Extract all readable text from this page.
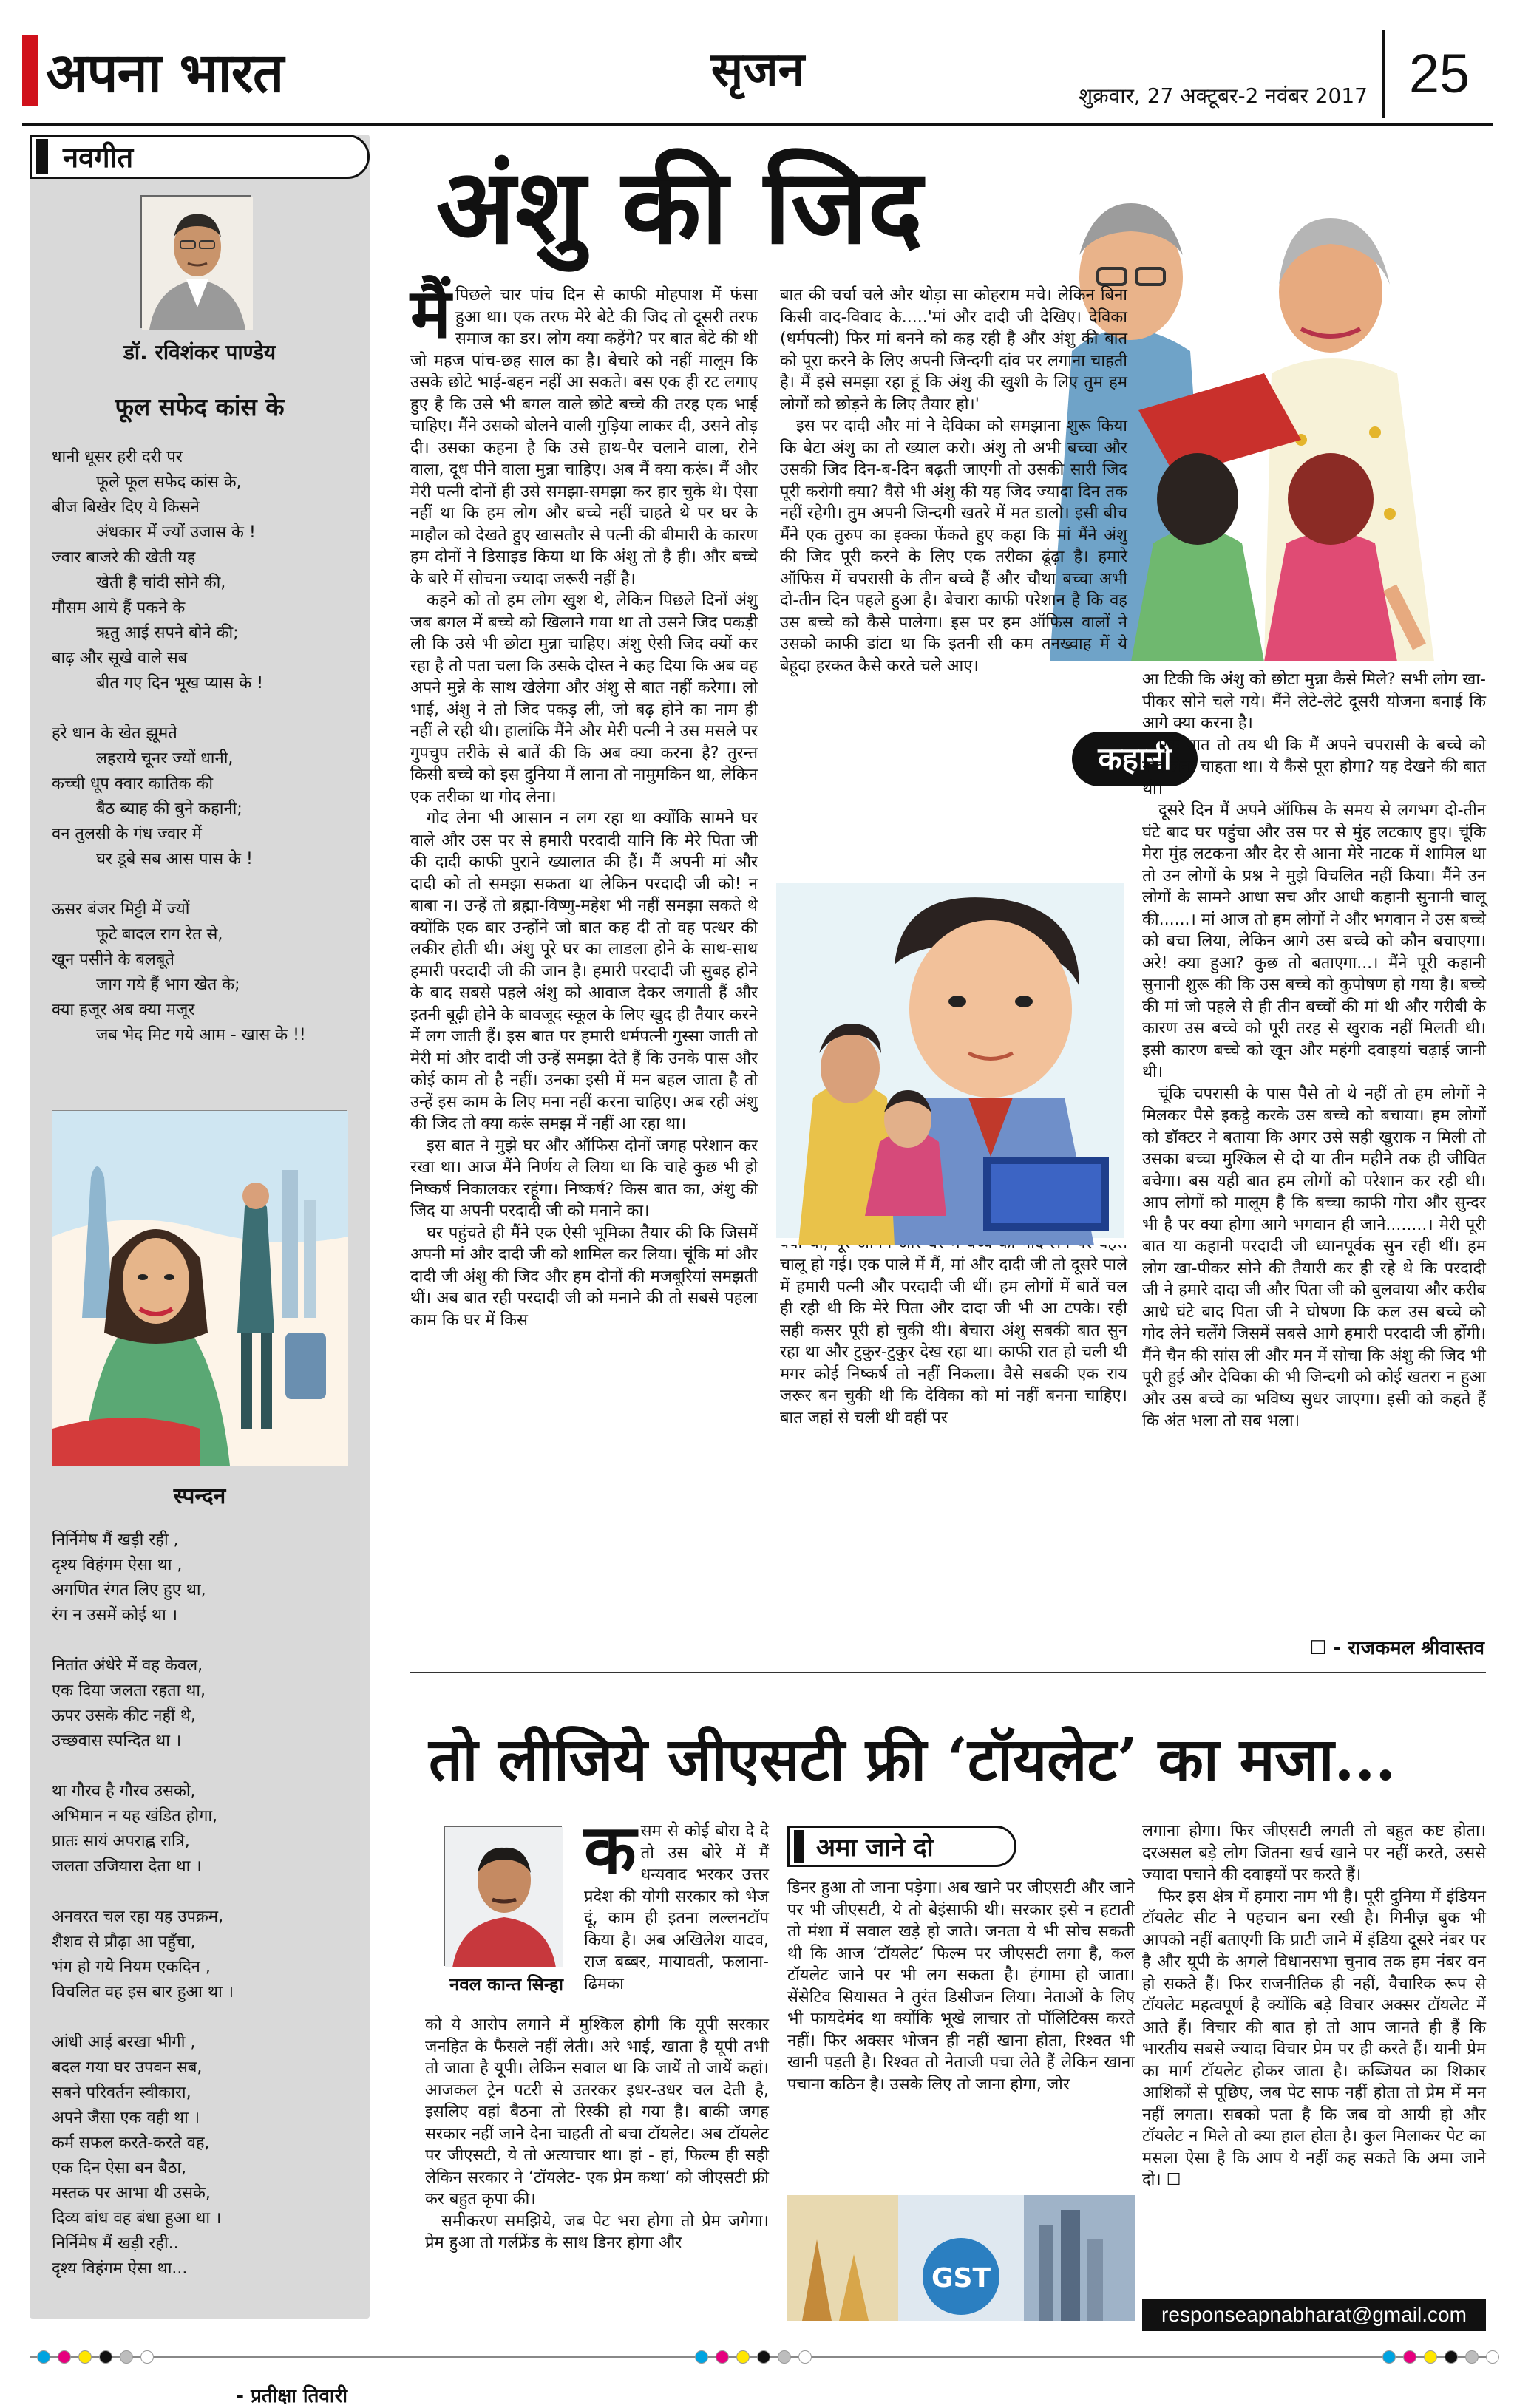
अपना भारत	सृजन	शुक्रवार, 27 अक्टूबर-2 नवंबर 2017 25
नवगीत
डॉ. रविशंकर पाण्डेय
फूल सफेद कांस के
धानी धूसर हरी दरी पर
फूले फूल सफेद कांस के,
बीज बिखेर दिए ये किसने
अंधकार में ज्यों उजास के !
ज्वार बाजरे की खेती यह
खेती है चांदी सोने की,
मौसम आये हैं पकने के
ऋतु आई सपने बोने की;
बाढ़ और सूखे वाले सब
बीत गए दिन भूख प्यास के !
हरे धान के खेत झूमते
लहराये चूनर ज्यों धानी,
कच्ची धूप क्वार कातिक की
बैठ ब्याह की बुने कहानी;
वन तुलसी के गंध ज्वार में
घर डूबे सब आस पास के !
ऊसर बंजर मिट्टी में ज्यों
फूटे बादल राग रेत से,
खून पसीने के बलबूते
जाग गये हैं भाग खेत के;
क्या हजूर अब क्या मजूर
जब भेद मिट गये आम - खास के !!
स्पन्दन
निर्निमेष मैं खड़ी रही ,
दृश्य विहंगम ऐसा था ,
अगणित रंगत लिए हुए था,
रंग न उसमें कोई था ।
नितांत अंधेरे में वह केवल,
एक दिया जलता रहता था,
ऊपर उसके कीट नहीं थे,
उच्छवास स्पन्दित था ।
था गौरव है गौरव उसको,
अभिमान न यह खंडित होगा,
प्रातः सायं अपराह्न रात्रि,
जलता उजियारा देता था ।
अनवरत चल रहा यह उपक्रम,
शैशव से प्रौढ़ा आ पहुँचा,
भंग हो गये नियम एकदिन ,
विचलित वह इस बार हुआ था ।
आंधी आई बरखा भीगी ,
बदल गया घर उपवन सब,
सबने परिवर्तन स्वीकारा,
अपने जैसा एक वही था ।
कर्म सफल करते-करते वह,
एक दिन ऐसा बन बैठा,
मस्तक पर आभा थी उसके,
दिव्य बांध वह बंधा हुआ था ।
निर्निमेष मैं खड़ी रही..
दृश्य विहंगम ऐसा था...
- प्रतीक्षा तिवारी
अंशु की जिद

मैंपिछले चार पांच दिन से काफी मोहपाश में फंसा हुआ था। एक तरफ मेरे बेटे की जिद तो दूसरी तरफ समाज का डर। लोग क्या कहेंगे? पर बात बेटे की थी जो महज पांच-छह साल का है। बेचारे को नहीं मालूम कि उसके छोटे भाई-बहन नहीं आ सकते। बस एक ही रट लगाए हुए है कि उसे भी बगल वाले छोटे बच्चे की तरह एक भाई चाहिए। मैंने उसको बोलने वाली गुड़िया लाकर दी, उसने तोड़ दी। उसका कहना है कि उसे हाथ-पैर चलाने वाला, रोने वाला, दूध पीने वाला मुन्ना चाहिए। अब मैं क्या करूं। मैं और मेरी पत्नी दोनों ही उसे समझा-समझा कर हार चुके थे। ऐसा नहीं था कि हम लोग और बच्चे नहीं चाहते थे पर घर के माहौल को देखते हुए खासतौर से पत्नी की बीमारी के कारण हम दोनों ने डिसाइड किया था कि अंशु तो है ही। और बच्चे के बारे में सोचना ज्यादा जरूरी नहीं है।

कहने को तो हम लोग खुश थे, लेकिन पिछले दिनों अंशु जब बगल में बच्चे को खिलाने गया था तो उसने जिद पकड़ी ली कि उसे भी छोटा मुन्ना चाहिए। अंशु ऐसी जिद क्यों कर रहा है तो पता चला कि उसके दोस्त ने कह दिया कि अब वह अपने मुन्ने के साथ खेलेगा और अंशु से बात नहीं करेगा। लो भाई, अंशु ने तो जिद पकड़ ली, जो बढ़ होने का नाम ही नहीं ले रही थी। हालांकि मैंने और मेरी पत्नी ने उस मसले पर गुपचुप तरीके से बातें की कि अब क्या करना है? तुरन्त किसी बच्चे को इस दुनिया में लाना तो नामुमकिन था, लेकिन एक तरीका था गोद लेना।

गोद लेना भी आसान न लग रहा था क्योंकि सामने घर वाले और उस पर से हमारी परदादी यानि कि मेरे पिता जी की दादी काफी पुराने ख्यालात की हैं। मैं अपनी मां और दादी को तो समझा सकता था लेकिन परदादी जी को! न बाबा न। उन्हें तो ब्रह्मा-विष्णु-महेश भी नहीं समझा सकते थे क्योंकि एक बार उन्होंने जो बात कह दी तो वह पत्थर की लकीर होती थी। अंशु पूरे घर का लाडला होने के साथ-साथ हमारी परदादी जी की जान है। हमारी परदादी जी सुबह होने के बाद सबसे पहले अंशु को आवाज देकर जगाती हैं और इतनी बूढ़ी होने के बावजूद स्कूल के लिए खुद ही तैयार करने में लग जाती हैं। इस बात पर हमारी धर्मपत्नी गुस्सा जाती तो मेरी मां और दादी जी उन्हें समझा देते हैं कि उनके पास और कोई काम तो है नहीं। उनका इसी में मन बहल जाता है तो उन्हें इस काम के लिए मना नहीं करना चाहिए। अब रही अंशु की जिद तो क्या करूं समझ में नहीं आ रहा था।

इस बात ने मुझे घर और ऑफिस दोनों जगह परेशान कर रखा था। आज मैंने निर्णय ले लिया था कि चाहे कुछ भी हो निष्कर्ष निकालकर रहूंगा। निष्कर्ष? किस बात का, अंशु की जिद या अपनी परदादी जी को मनाने का।

घर पहुंचते ही मैंने एक ऐसी भूमिका तैयार की कि जिसमें अपनी मां और दादी जी को शामिल कर लिया। चूंकि मां और दादी जी अंशु की जिद और हम दोनों की मजबूरियां समझती थीं। अब बात रही परदादी जी को मनाने की तो सबसे पहला काम कि घर में किस

बात की चर्चा चले और थोड़ा सा कोहराम मचे। लेकिन बिना किसी वाद-विवाद के.....'मां और दादी जी देखिए। देविका (धर्मपत्नी) फिर मां बनने को कह रही है और अंशु की बात को पूरा करने के लिए अपनी जिन्दगी दांव पर लगाना चाहती है। मैं इसे समझा रहा हूं कि अंशु की खुशी के लिए तुम हम लोगों को छोड़ने के लिए तैयार हो।'

इस पर दादी और मां ने देविका को समझाना शुरू किया कि बेटा अंशु का तो ख्याल करो। अंशु तो अभी बच्चा और उसकी जिद दिन-ब-दिन बढ़ती जाएगी तो उसकी सारी जिद पूरी करोगी क्या? वैसे भी अंशु की यह जिद ज्यादा दिन तक नहीं रहेगी। तुम अपनी जिन्दगी खतरे में मत डालो। इसी बीच मैंने एक तुरुप का इक्का फेंकते हुए कहा कि मां मैंने अंशु की जिद पूरी करने के लिए एक तरीका ढूंढ़ा है। हमारे ऑफिस में चपरासी के तीन बच्चे हैं और चौथा बच्चा अभी दो-तीन दिन पहले हुआ है। बेचारा काफी परेशान है कि वह उस बच्चे को कैसे पालेगा। इस पर हम ऑफिस वालों ने उसको काफी डांटा था कि इतनी सी कम तनख्वाह में ये बेहूदा हरकत कैसे करते चले आए।

चालू हो गई। एक पाले में मैं, मां और दादी जी तो दूसरे पाले में हमारी पत्नी और परदादी जी थीं। हम लोगों में बातें चल ही रही थी कि मेरे पिता और दादा जी भी आ टपके। रही सही कसर पूरी हो चुकी थी। बेचारा अंशु सबकी बात सुन रहा था और टुकुर-टुकुर देख रहा था। काफी रात हो चली थी मगर कोई निष्कर्ष तो नहीं निकला। वैसे सबकी एक राय जरूर बन चुकी थी कि देविका को मां नहीं बनना चाहिए। बात जहां से चली थी वहीं पर

कहानी

आ टिकी कि अंशु को छोटा मुन्ना कैसे मिले? सभी लोग खा-पीकर सोने चले गये। मैंने लेटे-लेटे दूसरी योजना बनाई कि आगे क्या करना है।

एक बात तो तय थी कि मैं अपने चपरासी के बच्चे को गोद लेना चाहता था। ये कैसे पूरा होगा? यह देखने की बात थी।

दूसरे दिन मैं अपने ऑफिस के समय से लगभग दो-तीन घंटे बाद घर पहुंचा और उस पर से मुंह लटकाए हुए। चूंकि मेरा मुंह लटकना और देर से आना मेरे नाटक में शामिल था तो उन लोगों के प्रश्न ने मुझे विचलित नहीं किया। मैंने उन लोगों के सामने आधा सच और आधी कहानी सुनानी चालू की......। मां आज तो हम लोगों ने और भगवान ने उस बच्चे को बचा लिया, लेकिन आगे उस बच्चे को कौन बचाएगा। अरे! क्या हुआ? कुछ तो बताएगा...। मैंने पूरी कहानी सुनानी शुरू की कि उस बच्चे को कुपोषण हो गया है। बच्चे की मां जो पहले से ही तीन बच्चों की मां थी और गरीबी के कारण उस बच्चे को पूरी तरह से खुराक नहीं मिलती थी। इसी कारण बच्चे को खून और महंगी दवाइयां चढ़ाई जानी थी।

चूंकि चपरासी के पास पैसे तो थे नहीं तो हम लोगों ने मिलकर पैसे इकट्ठे करके उस बच्चे को बचाया। हम लोगों को डॉक्टर ने बताया कि अगर उसे सही खुराक न मिली तो उसका बच्चा मुश्किल से दो या तीन महीने तक ही जीवित बचेगा। बस यही बात हम लोगों को परेशान कर रही थी। आप लोगों को मालूम है कि बच्चा काफी गोरा और सुन्दर भी है पर क्या होगा आगे भगवान ही जाने........। मेरी पूरी बात या कहानी परदादी जी ध्यानपूर्वक सुन रही थीं। हम लोग खा-पीकर सोने की तैयारी कर ही रहे थे कि परदादी जी ने हमारे दादा जी और पिता जी को बुलवाया और करीब आधे घंटे बाद पिता जी ने घोषणा कि कल उस बच्चे को गोद लेने चलेंगे जिसमें सबसे आगे हमारी परदादी जी होंगी। मैंने चैन की सांस ली और मन में सोचा कि अंशु की जिद भी पूरी हुई और देविका की भी जिन्दगी को कोई खतरा न हुआ और उस बच्चे का भविष्य सुधर जाएगा। इसी को कहते हैं कि अंत भला तो सब भला।

☐ - राजकमल श्रीवास्तव
तो लीजिये जीएसटी फ्री ‘टॉयलेट’ का मजा...
नवल कान्त सिन्हा

कसम से कोई बोरा दे दे तो उस बोरे में मैं धन्यवाद भरकर उत्तर प्रदेश की योगी सरकार को भेज दूं, काम ही इतना लल्लनटॉप किया है। अब अखिलेश यादव, राज बब्बर, मायावती, फलाना-ढिमका

को ये आरोप लगाने में मुश्किल होगी कि यूपी सरकार जनहित के फैसले नहीं लेती। अरे भाई, खाता है यूपी तभी तो जाता है यूपी। लेकिन सवाल था कि जायें तो जायें कहां। आजकल ट्रेन पटरी से उतरकर इधर-उधर चल देती है, इसलिए वहां बैठना तो रिस्की हो गया है। बाकी जगह सरकार नहीं जाने देना चाहती तो बचा टॉयलेट। अब टॉयलेट पर जीएसटी, ये तो अत्याचार था। हां - हां, फिल्म ही सही लेकिन सरकार ने ‘टॉयलेट- एक प्रेम कथा’ को जीएसटी फ्री कर बहुत कृपा की।

समीकरण समझिये, जब पेट भरा होगा तो प्रेम जगेगा। प्रेम हुआ तो गर्लफ्रेंड के साथ डिनर होगा और

अमा जाने दो

डिनर हुआ तो जाना पड़ेगा। अब खाने पर जीएसटी और जाने पर भी जीएसटी, ये तो बेइंसाफी थी। सरकार इसे न हटाती तो मंशा में सवाल खड़े हो जाते। जनता ये भी सोच सकती थी कि आज ‘टॉयलेट’ फिल्म पर जीएसटी लगा है, कल टॉयलेट जाने पर भी लग सकता है। हंगामा हो जाता। सेंसेटिव सियासत ने तुरंत डिसीजन लिया। नेताओं के लिए भी फायदेमंद था क्योंकि भूखे लाचार तो पॉलिटिक्स करते नहीं। फिर अक्सर भोजन ही नहीं खाना होता, रिश्वत भी खानी पड़ती है। रिश्वत तो नेताजी पचा लेते हैं लेकिन खाना पचाना कठिन है। उसके लिए तो जाना होगा, जोर

GST

लगाना होगा। फिर जीएसटी लगती तो बहुत कष्ट होता। दरअसल बड़े लोग जितना खर्च खाने पर नहीं करते, उससे ज्यादा पचाने की दवाइयों पर करते हैं।

फिर इस क्षेत्र में हमारा नाम भी है। पूरी दुनिया में इंडियन टॉयलेट सीट ने पहचान बना रखी है। गिनीज़ बुक भी आपको नहीं बताएगी कि प्राटी जाने में इंडिया दूसरे नंबर पर है और यूपी के अगले विधानसभा चुनाव तक हम नंबर वन हो सकते हैं। फिर राजनीतिक ही नहीं, वैचारिक रूप से टॉयलेट महत्वपूर्ण है क्योंकि बड़े विचार अक्सर टॉयलेट में आते हैं। विचार की बात हो तो आप जानते ही हैं कि भारतीय सबसे ज्यादा विचार प्रेम पर ही करते हैं। यानी प्रेम का मार्ग टॉयलेट होकर जाता है। कब्जियत का शिकार आशिकों से पूछिए, जब पेट साफ नहीं होता तो प्रेम में मन नहीं लगता। सबको पता है कि जब वो आयी हो और टॉयलेट न मिले तो क्या हाल होता है। कुल मिलाकर पेट का मसला ऐसा है कि आप ये नहीं कह सकते कि अमा जाने दो। ☐

responseapnabharat@gmail.com
